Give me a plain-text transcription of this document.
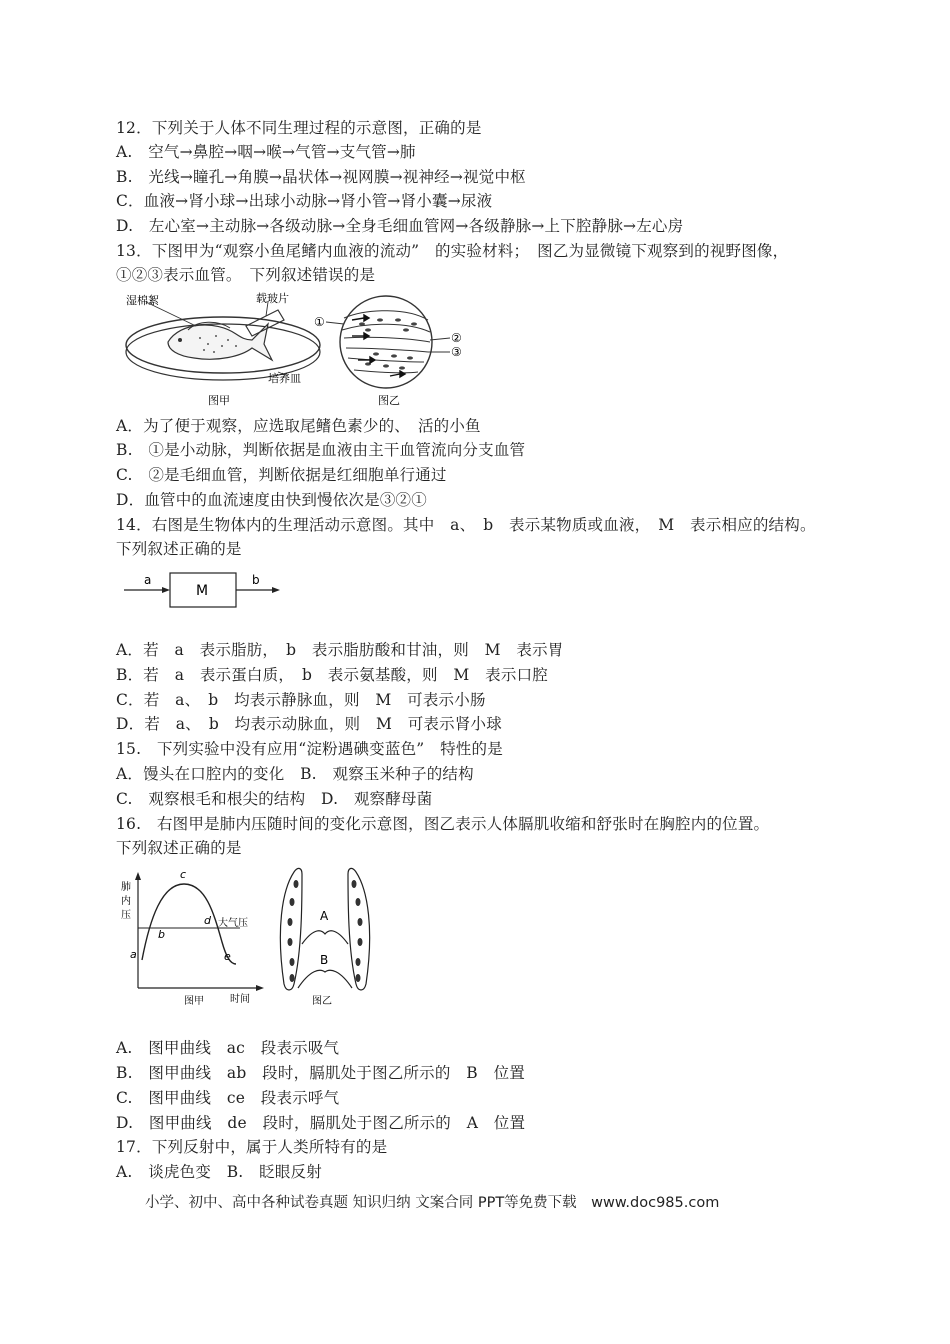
12．下列关于人体不同生理过程的示意图，正确的是
A.　空气→鼻腔→咽→喉→气管→支气管→肺
B.　光线→瞳孔→角膜→晶状体→视网膜→视神经→视觉中枢
C．血液→肾小球→出球小动脉→肾小管→肾小囊→尿液
D.　左心室→主动脉→各级动脉→全身毛细血管网→各级静脉→上下腔静脉→左心房
13．下图甲为“观察小鱼尾鳍内血液的流动”　的实验材料；　图乙为显微镜下观察到的视野图像，
①②③表示血管。　下列叙述错误的是
湿棉絮	载玻片
培养皿
图甲
①
②
③
图乙
A．为了便于观察，应选取尾鳍色素少的、　活的小鱼
B.　①是小动脉，判断依据是血液由主干血管流向分支血管
C.　②是毛细血管，判断依据是红细胞单行通过
D．血管中的血流速度由快到慢依次是③②①
14．右图是生物体内的生理活动示意图。其中　a、　b　表示某物质或血液，　M　表示相应的结构。
下列叙述正确的是
a
M
b
A．若　a　表示脂肪，　b　表示脂肪酸和甘油，则　M　表示胃
B．若　a　表示蛋白质，　b　表示氨基酸，则　M　表示口腔
C．若　a、　b　均表示静脉血，则　M　可表示小肠
D．若　a、　b　均表示动脉血，则　M　可表示肾小球
15.　下列实验中没有应用“淀粉遇碘变蓝色”　特性的是
A．馒头在口腔内的变化　B.　观察玉米种子的结构
C.　观察根毛和根尖的结构　D.　观察酵母菌
16.　右图甲是肺内压随时间的变化示意图，图乙表示人体膈肌收缩和舒张时在胸腔内的位置。
下列叙述正确的是
肺
内
压
大气压
a
b
c
d
e
时间
图甲
A
B
图乙
A.　图甲曲线　ac　段表示吸气
B.　图甲曲线　ab　段时，膈肌处于图乙所示的　B　位置
C.　图甲曲线　ce　段表示呼气
D.　图甲曲线　de　段时，膈肌处于图乙所示的　A　位置
17．下列反射中，属于人类所特有的是
A.　谈虎色变　B.　眨眼反射
小学、初中、高中各种试卷真题 知识归纳 文案合同 PPT等免费下载　www.doc985.com
